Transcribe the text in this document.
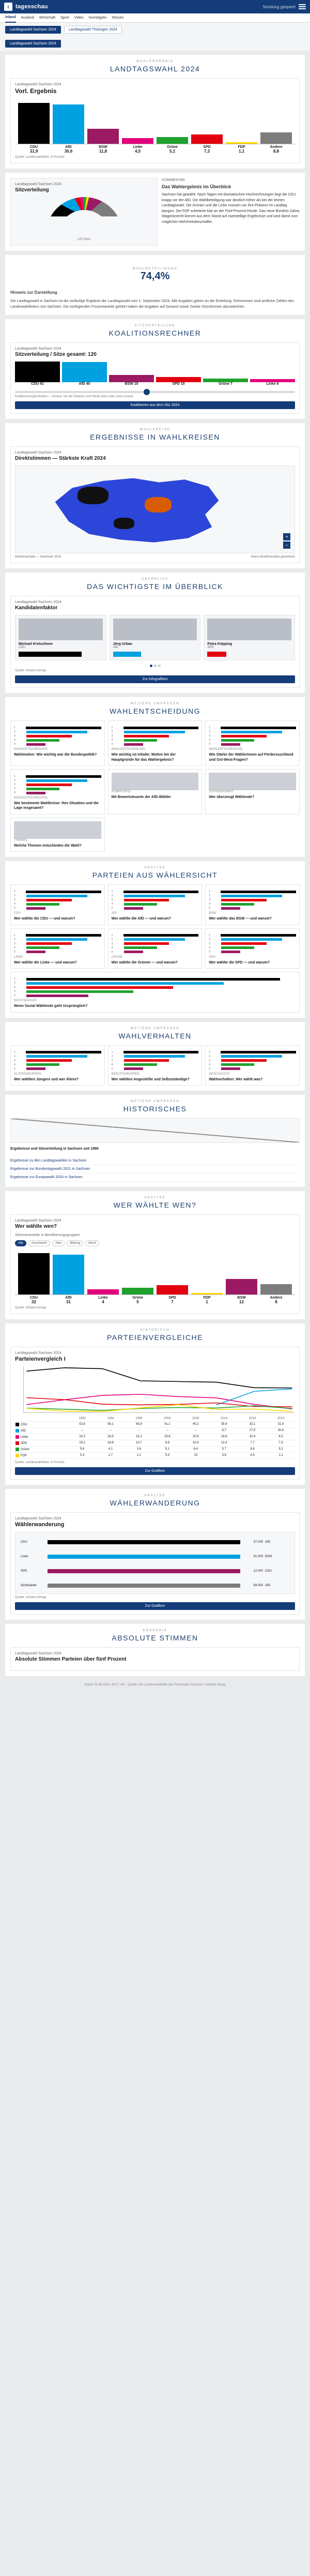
t	tagesschau	Sendung gesperrt
Inland Ausland Wirtschaft Sport Video Investigativ Wissen
Landtagswahl Sachsen 2024	Landtagswahl Thüringen 2024
Landtagswahl Sachsen 2024
WAHLERGEBNIS
LANDTAGSWAHL 2024
Landtagswahl Sachsen 2024
Vorl. Ergebnis
CDU
31,9
AfD
30,6
BSW
11,8
Linke
4,5
Grüne
5,1
SPD
7,3
FDP
1,1
Andere
8,8
Quelle: Landeswahlleiter, in Prozent
Landtagswahl Sachsen 2024
Sitzverteilung
120 Sitze
KOMMENTAR
Das Wahlergebnis im Überblick
Sachsen hat gewählt. Nach Tagen mit dramatischen Hochrechnungen liegt die CDU knapp vor der AfD. Die Wahlbeteiligung war deutlich höher als bei der letzten Landtagswahl. Die Grünen und die Linke müssen um ihre Präsenz im Landtag bangen. Die FDP scheiterte klar an der Fünf-Prozent-Hürde. Das neue Bündnis Sahra Wagenknecht kommt aus dem Stand auf zweistellige Ergebnisse und wird damit zum möglichen Mehrheitsbeschaffer.
WAHLBETEILIGUNG
74,4%
Hinweis zur Darstellung
Die Landtagswahl in Sachsen ist die vorläufige Ergebnis der Landtagswahl vom 1. September 2024. Alle Angaben geben an die Einteilung. Entnommen sind amtliche Zahlen des Landeswahlleiters von Sachsen. Die vorliegenden Prozentanteile geführt haben die Angaben auf Gesamt sowie Zweite Ortsstimmen abzuweichen.
SITZVERTEILUNG
KOALITIONSRECHNER
Landtagswahl Sachsen 2024
Sitzverteilung / Sitze gesamt: 120
CDU 41	AfD 40	BSW 15	SPD 10	Grüne 7	Linke 6
Koalitionsmöglichkeiten — Klicken Sie die Parteien und Werte dann oder unten erneut
Koalitionen aus dem Sitz 2024
WAHLKREISE
ERGEBNISSE IN WAHLKREISEN
Landtagswahl Sachsen 2024
Direktstimmen — Stärkste Kraft 2024
+
−
Direktmandate — Gewinner 2024	Keine Direktmandate gewonnen
ÜBERBLICK
DAS WICHTIGSTE IM ÜBERBLICK
Landtagswahl Sachsen 2024
Kandidatenfaktor
Michael Kretschmer
CDU
Jörg Urban
AfD
Petra Köpping
SPD
Quelle: Infratest dimap
Zur Infografiken
WEITERE UMFRAGEN
WAHLENTSCHEIDUNG
1
2
3
4
5
WAHLENTSCHEIDUNG
Wahlmotive: Wie wichtig war die Bundespolitik?
1
2
3
4
5
WAHLENTSCHEIDUNG
Wie wichtig ist Inhalte: Motive bei der Hauptgründe für das Wahlergebnis?
1
2
3
4
5
WAHLENTSCHEIDUNG
Wie Stärke der Wählerinnen auf Förderzuschland und Ost-West-Fragen?
1
2
3
4
5
WAHLENTSCHEIDUNG
Wie bestimmte Wahlkreise: Ihre Situation und die Lage insgesamt?
KOMPETENZ
Mit Bewertsteuerte der AfD-Wähler
ZUFRIEDENHEIT
Wer überzeugt Wählende?
THEMEN
Welche Themen entschieden die Wahl?
ANALYSE
PARTEIEN AUS WÄHLERSICHT
1
2
3
4
5
CDU
Wer wählte die CDU — und warum?
1
2
3
4
5
AfD
Wer wählte die AfD — und warum?
1
2
3
4
5
BSW
Wer wählte das BSW — und warum?
1
2
3
4
5
LINKE
Wer wählte die Linke — und warum?
1
2
3
4
5
GRÜNE
Wer wählte die Grünen — und warum?
1
2
3
4
5
SPD
Wer wählte die SPD — und warum?
1
2
3
4
5
NICHTWÄHLER
Wenn Sozial Wählende geht Ursprünglich?
WEITERE UMFRAGEN
WAHLVERHALTEN
1
2
3
4
5
ALTERSGRUPPEN
Wer wählten Jüngere und wer Ältere?
1
2
3
4
5
BERUFSGRUPPEN
Wer wählten Angestellte und Selbstständige?
1
2
3
4
5
GESCHLECHT
Wahlverhalten: Wer wählt was?
WEITERE UMFRAGEN
HISTORISCHES
Ergebnisse und Sitzverteilung in Sachsen seit 1990
Ergebnisse zu den Landtagswahlen in Sachsen
Ergebnisse zur Bundestagswahl 2021 in Sachsen
Ergebnisse zur Europawahl 2024 in Sachsen
ANALYSE
WER WÄHLTE WEN?
Landtagswahl Sachsen 2024
Wer wählte wen?
Stimmenanteile in Bevölkerungsgruppen
Alle	Geschlecht	Alter	Bildung	Beruf
CDU
32
AfD
31
Linke
4
Grüne
5
SPD
7
FDP
1
BSW
12
Andere
8
Quelle: Infratest dimap
HISTORISCH
PARTEIENVERGLEICHE
Landtagswahl Sachsen 2024
Parteienvergleich I
	1990	1994	1999	2004	2009	2014	2019	2024
CDU	53,8	58,1	56,9	41,1	40,2	39,4	32,1	31,9
AfD	–	–	–	–	–	9,7	27,5	30,6
Linke	10,2	16,5	22,2	23,6	20,6	18,9	10,4	4,5
SPD	19,1	16,6	10,7	9,8	10,4	12,4	7,7	7,3
Grüne	5,6	4,1	2,6	5,1	6,4	5,7	8,6	5,1
FDP	5,3	1,7	1,1	5,9	10	3,8	4,5	1,1
Quelle: Landeswahlleiter, in Prozent
Zur Grafiken
ANALYSE
WÄHLERWANDERUNG
Landtagswahl Sachsen 2024
Wählerwanderung
CDU	37.000 AfD
Linke	51.000 BSW
SPD	12.000 CDU
Nichtwähler	69.000 AfD
Quelle: Infratest dimap
Zur Grafiken
ERGEBNIS
ABSOLUTE STIMMEN
Landtagswahl Sachsen 2024
Absolute Stimmen Parteien über fünf Prozent
Stand: 02.09.2024, 08:17 Uhr · Quelle: Der Landeswahlleiter des Freistaates Sachsen / Infratest dimap
